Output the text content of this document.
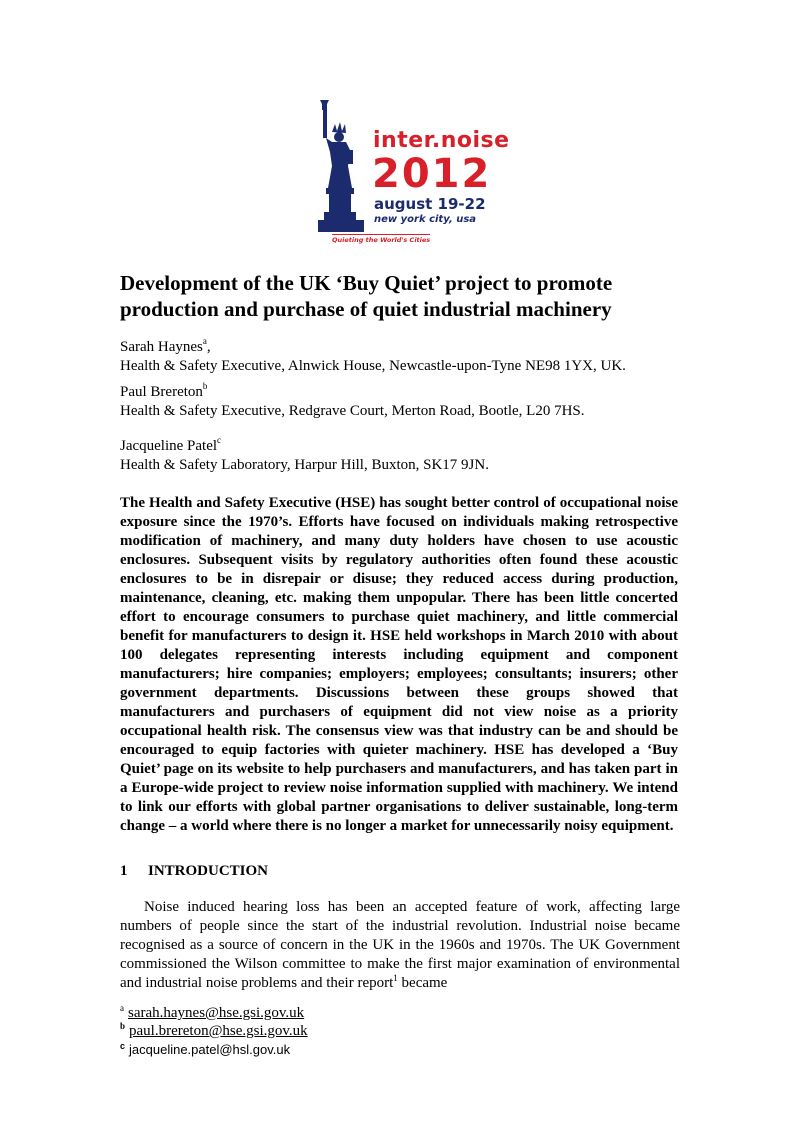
inter.noise
2012
august 19-22
new york city, usa
Quieting the World's Cities
Development of the UK ‘Buy Quiet’ project to promote
production and purchase of quiet industrial machinery
Sarah Haynes$^a$,
Health & Safety Executive, Alnwick House, Newcastle-upon-Tyne NE98 1YX, UK.
Paul Brereton$^b$
Health & Safety Executive, Redgrave Court, Merton Road, Bootle, L20 7HS.
Jacqueline Patel$^c$
Health & Safety Laboratory, Harpur Hill, Buxton, SK17 9JN.

The Health and Safety Executive (HSE) has sought better control of occupational noise exposure since the 1970’s. Efforts have focused on individuals making retrospective modification of machinery, and many duty holders have chosen to use acoustic enclosures. Subsequent visits by regulatory authorities often found these acoustic enclosures to be in disrepair or disuse; they reduced access during production, maintenance, cleaning, etc. making them unpopular. There has been little concerted effort to encourage consumers to purchase quiet machinery, and little commercial benefit for manufacturers to design it. HSE held workshops in March 2010 with about 100 delegates representing interests including equipment and component manufacturers; hire companies; employers; employees; consultants; insurers; other government departments. Discussions between these groups showed that manufacturers and purchasers of equipment did not view noise as a priority occupational health risk. The consensus view was that industry can be and should be encouraged to equip factories with quieter machinery. HSE has developed a ‘Buy Quiet’ page on its website to help purchasers and manufacturers, and has taken part in a Europe-wide project to review noise information supplied with machinery. We intend to link our efforts with global partner organisations to deliver sustainable, long-term change – a world where there is no longer a market for unnecessarily noisy equipment.

1 INTRODUCTION

Noise induced hearing loss has been an accepted feature of work, affecting large numbers of people since the start of the industrial revolution. Industrial noise became recognised as a source of concern in the UK in the 1960s and 1970s. The UK Government commissioned the Wilson committee to make the first major examination of environmental and industrial noise problems and their report$^1$ became

$^a$ sarah.haynes@hse.gsi.gov.uk
$^b$ paul.brereton@hse.gsi.gov.uk
$^c$ jacqueline.patel@hsl.gov.uk
